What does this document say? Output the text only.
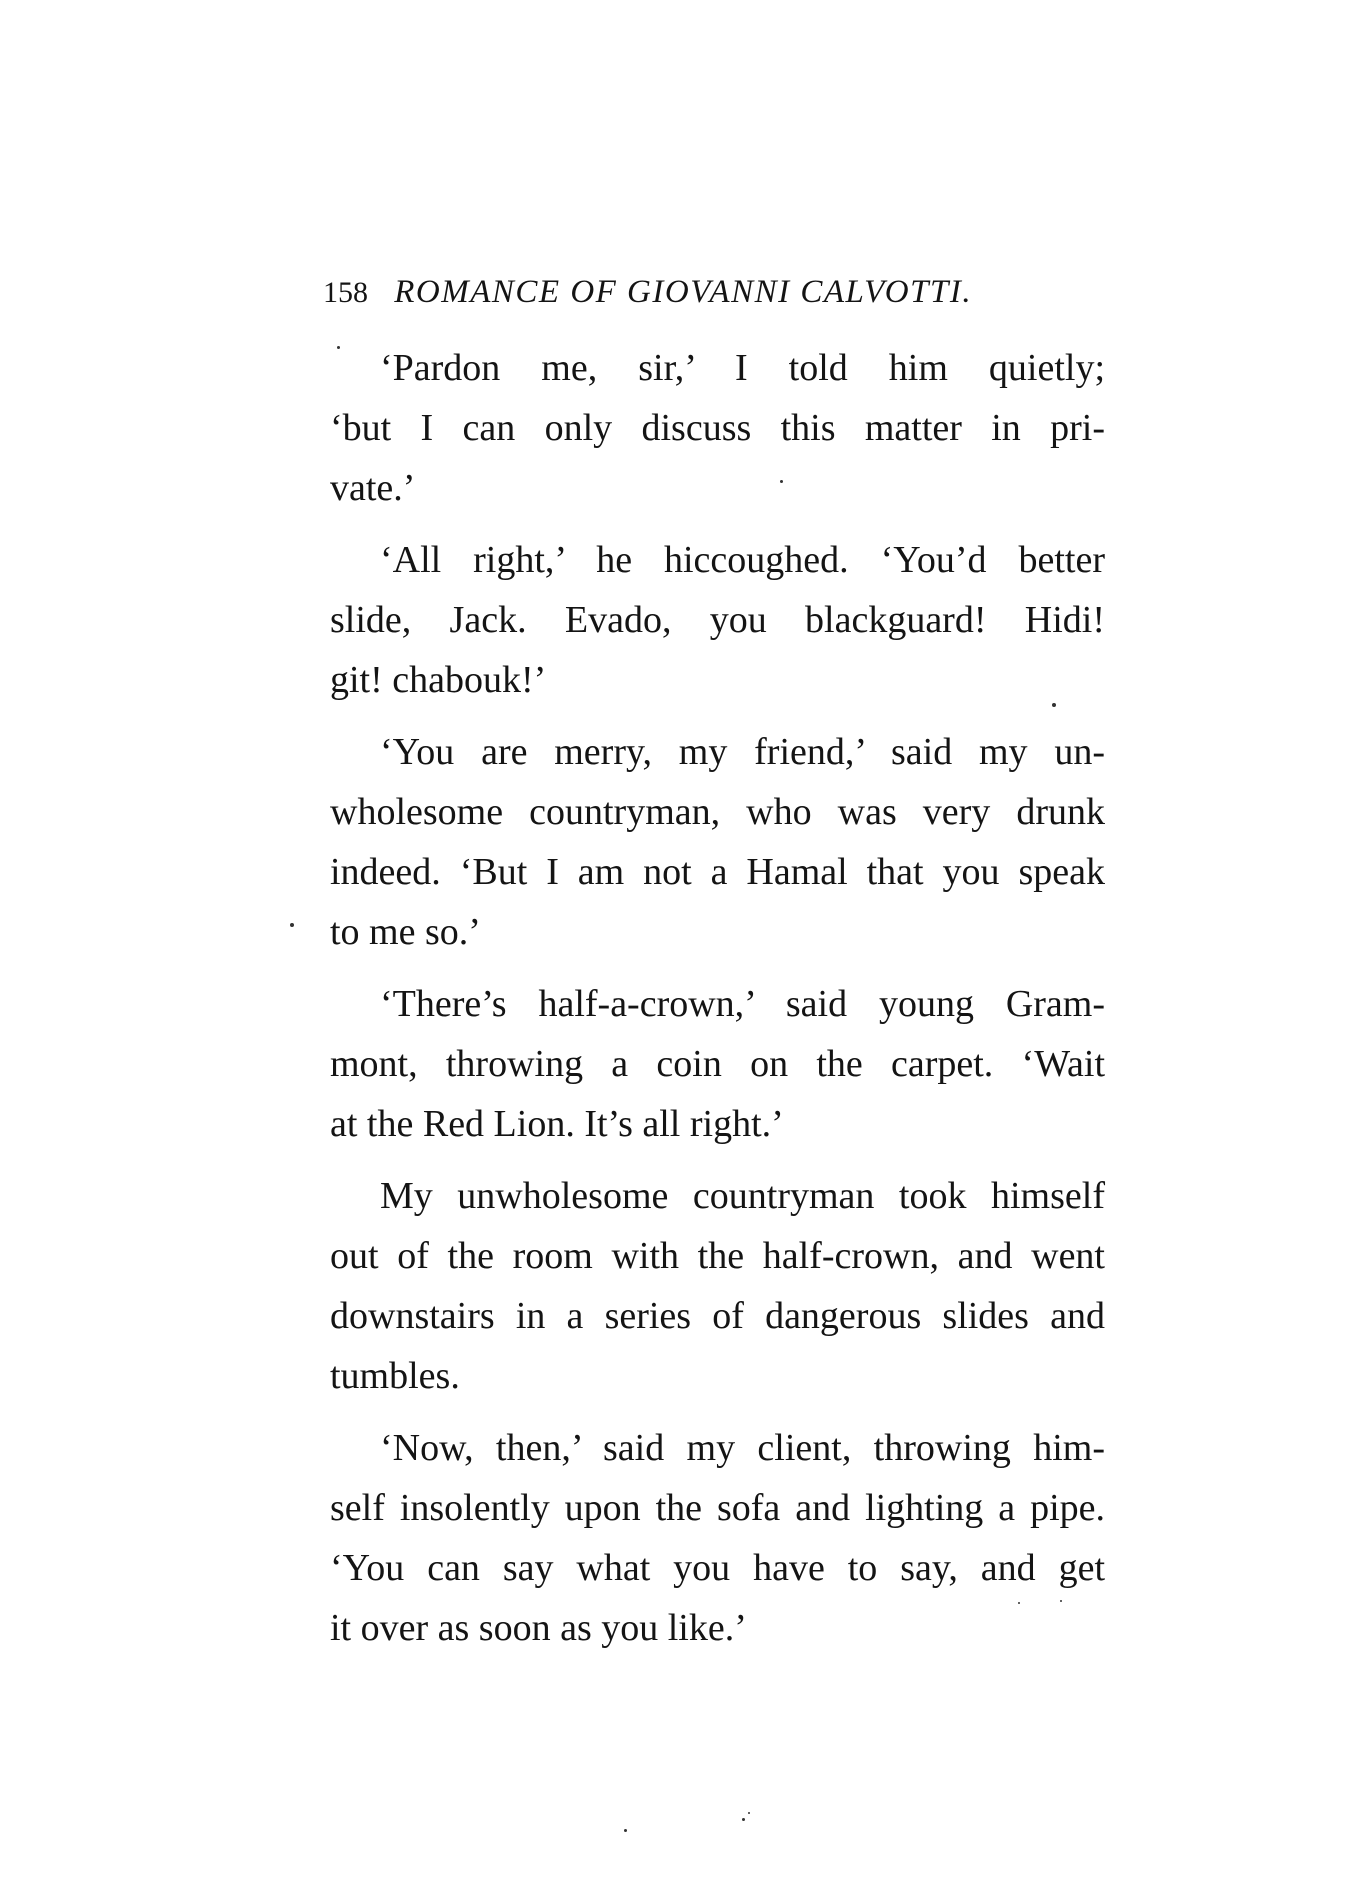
158 ROMANCE OF GIOVANNI CALVOTTI.
‘Pardon me, sir,’ I told him quietly;
‘but I can only discuss this matter in pri-
vate.’
‘All right,’ he hiccoughed. ‘You’d better
slide, Jack. Evado, you blackguard! Hidi!
git! chabouk!’
‘You are merry, my friend,’ said my un-
wholesome countryman, who was very drunk
indeed. ‘But I am not a Hamal that you speak
to me so.’
‘There’s half-a-crown,’ said young Gram-
mont, throwing a coin on the carpet. ‘Wait
at the Red Lion. It’s all right.’
My unwholesome countryman took himself
out of the room with the half-crown, and went
downstairs in a series of dangerous slides and
tumbles.
‘Now, then,’ said my client, throwing him-
self insolently upon the sofa and lighting a pipe.
‘You can say what you have to say, and get
it over as soon as you like.’
